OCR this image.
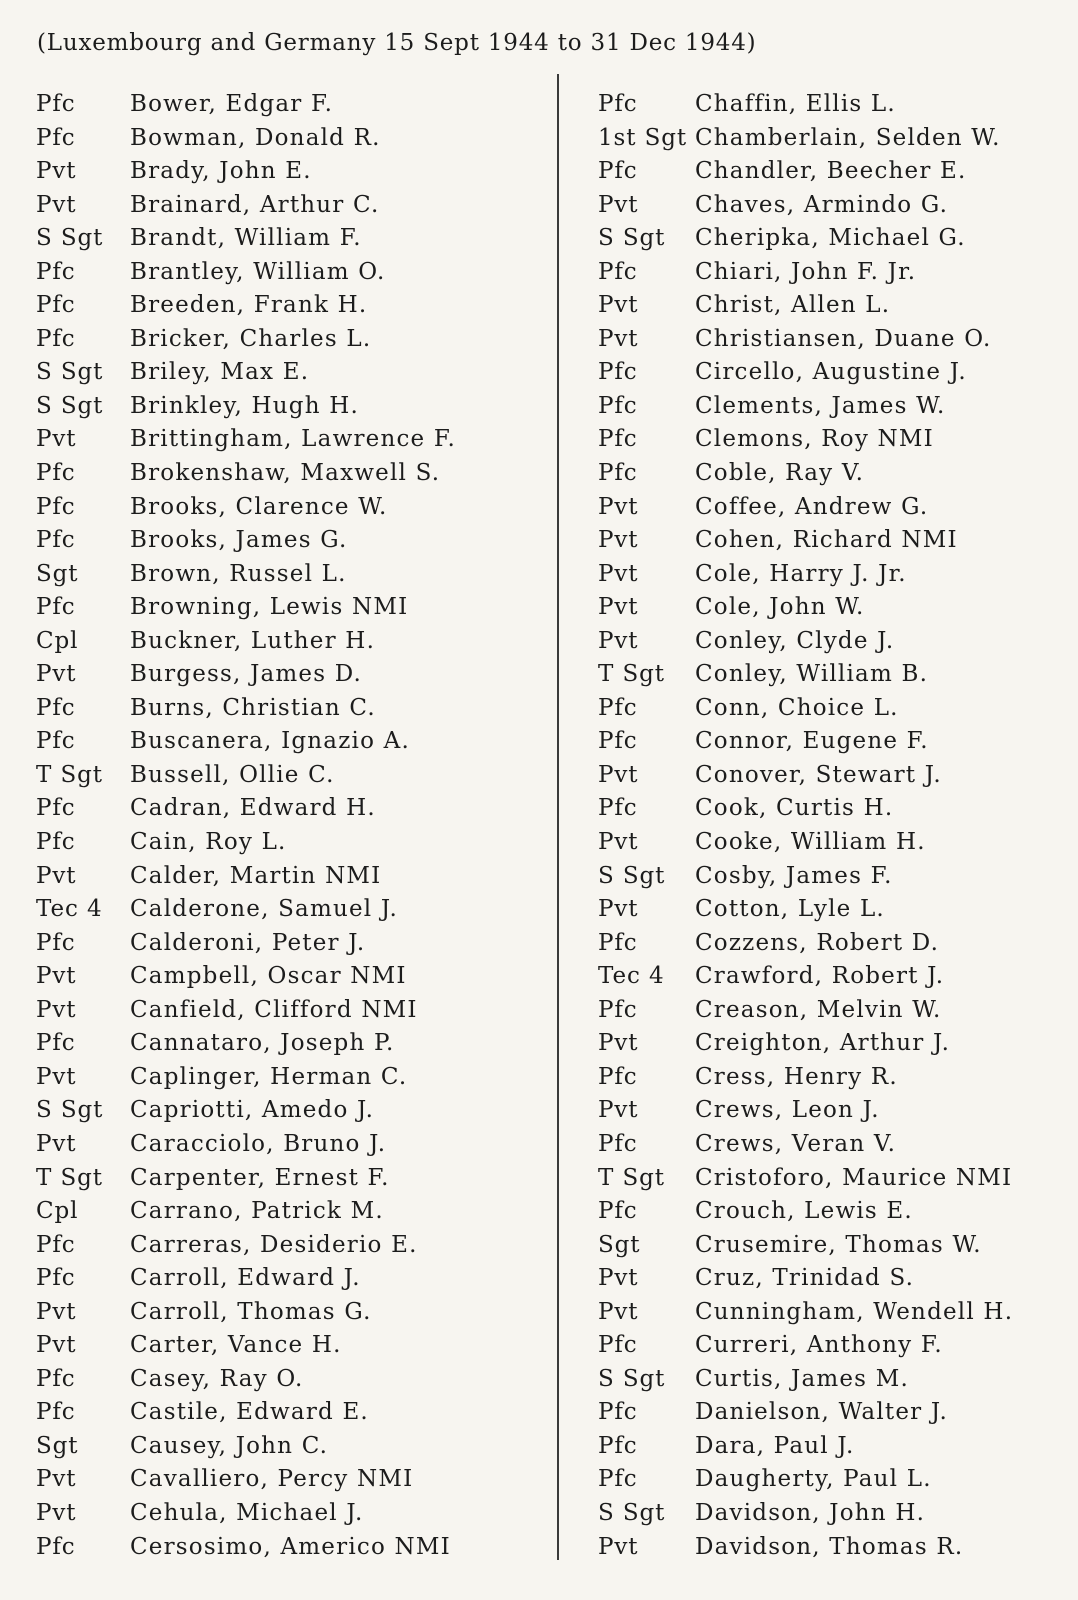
(Luxembourg and Germany 15 Sept 1944 to 31 Dec 1944)
Pfc	Bower, Edgar F.
Pfc	Bowman, Donald R.
Pvt	Brady, John E.
Pvt	Brainard, Arthur C.
S Sgt	Brandt, William F.
Pfc	Brantley, William O.
Pfc	Breeden, Frank H.
Pfc	Bricker, Charles L.
S Sgt	Briley, Max E.
S Sgt	Brinkley, Hugh H.
Pvt	Brittingham, Lawrence F.
Pfc	Brokenshaw, Maxwell S.
Pfc	Brooks, Clarence W.
Pfc	Brooks, James G.
Sgt	Brown, Russel L.
Pfc	Browning, Lewis NMI
Cpl	Buckner, Luther H.
Pvt	Burgess, James D.
Pfc	Burns, Christian C.
Pfc	Buscanera, Ignazio A.
T Sgt	Bussell, Ollie C.
Pfc	Cadran, Edward H.
Pfc	Cain, Roy L.
Pvt	Calder, Martin NMI
Tec 4	Calderone, Samuel J.
Pfc	Calderoni, Peter J.
Pvt	Campbell, Oscar NMI
Pvt	Canfield, Clifford NMI
Pfc	Cannataro, Joseph P.
Pvt	Caplinger, Herman C.
S Sgt	Capriotti, Amedo J.
Pvt	Caracciolo, Bruno J.
T Sgt	Carpenter, Ernest F.
Cpl	Carrano, Patrick M.
Pfc	Carreras, Desiderio E.
Pfc	Carroll, Edward J.
Pvt	Carroll, Thomas G.
Pvt	Carter, Vance H.
Pfc	Casey, Ray O.
Pfc	Castile, Edward E.
Sgt	Causey, John C.
Pvt	Cavalliero, Percy NMI
Pvt	Cehula, Michael J.
Pfc	Cersosimo, Americo NMI
Pfc	Chaffin, Ellis L.
1st Sgt Chamberlain, Selden W.
Pfc	Chandler, Beecher E.
Pvt	Chaves, Armindo G.
S Sgt	Cheripka, Michael G.
Pfc	Chiari, John F. Jr.
Pvt	Christ, Allen L.
Pvt	Christiansen, Duane O.
Pfc	Circello, Augustine J.
Pfc	Clements, James W.
Pfc	Clemons, Roy NMI
Pfc	Coble, Ray V.
Pvt	Coffee, Andrew G.
Pvt	Cohen, Richard NMI
Pvt	Cole, Harry J. Jr.
Pvt	Cole, John W.
Pvt	Conley, Clyde J.
T Sgt	Conley, William B.
Pfc	Conn, Choice L.
Pfc	Connor, Eugene F.
Pvt	Conover, Stewart J.
Pfc	Cook, Curtis H.
Pvt	Cooke, William H.
S Sgt	Cosby, James F.
Pvt	Cotton, Lyle L.
Pfc	Cozzens, Robert D.
Tec 4	Crawford, Robert J.
Pfc	Creason, Melvin W.
Pvt	Creighton, Arthur J.
Pfc	Cress, Henry R.
Pvt	Crews, Leon J.
Pfc	Crews, Veran V.
T Sgt	Cristoforo, Maurice NMI
Pfc	Crouch, Lewis E.
Sgt	Crusemire, Thomas W.
Pvt	Cruz, Trinidad S.
Pvt	Cunningham, Wendell H.
Pfc	Curreri, Anthony F.
S Sgt	Curtis, James M.
Pfc	Danielson, Walter J.
Pfc	Dara, Paul J.
Pfc	Daugherty, Paul L.
S Sgt	Davidson, John H.
Pvt	Davidson, Thomas R.
